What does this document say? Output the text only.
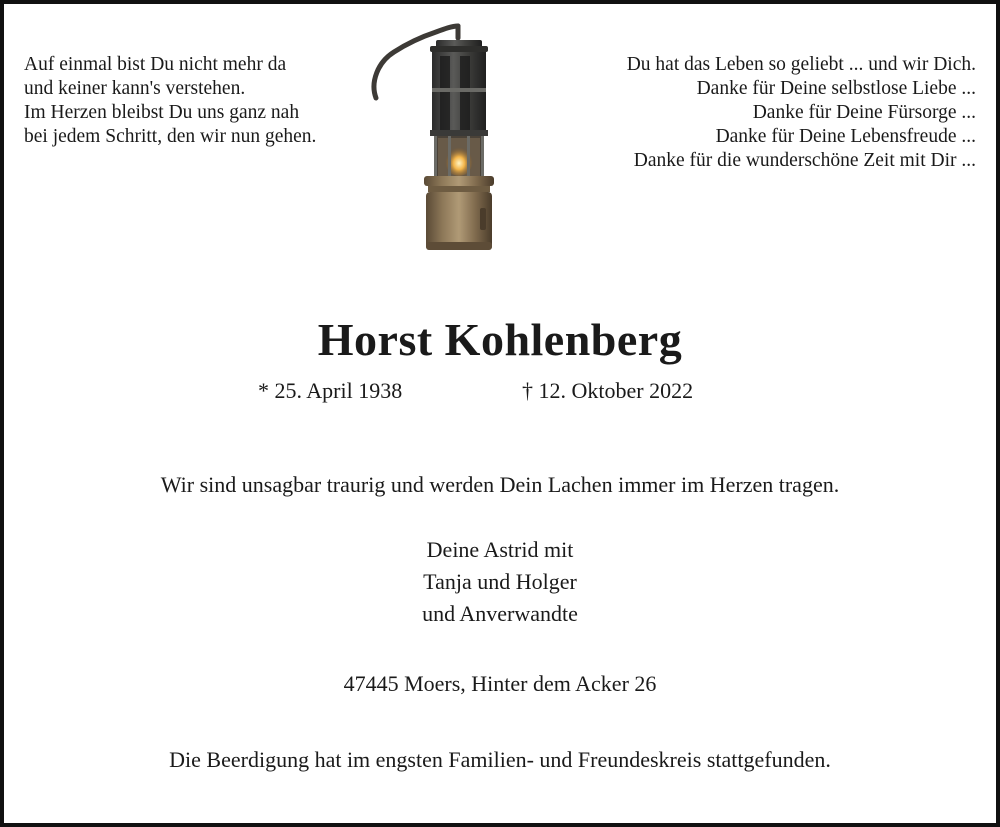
Auf einmal bist Du nicht mehr da
und keiner kann's verstehen.
Im Herzen bleibst Du uns ganz nah
bei jedem Schritt, den wir nun gehen.
Du hat das Leben so geliebt ... und wir Dich.
Danke für Deine selbstlose Liebe ...
Danke für Deine Fürsorge ...
Danke für Deine Lebensfreude ...
Danke für die wunderschöne Zeit mit Dir ...
Horst Kohlenberg
* 25. April 1938	† 12. Oktober 2022
Wir sind unsagbar traurig und werden Dein Lachen immer im Herzen tragen.
Deine Astrid mit
Tanja und Holger
und Anverwandte
47445 Moers, Hinter dem Acker 26
Die Beerdigung hat im engsten Familien- und Freundeskreis stattgefunden.
